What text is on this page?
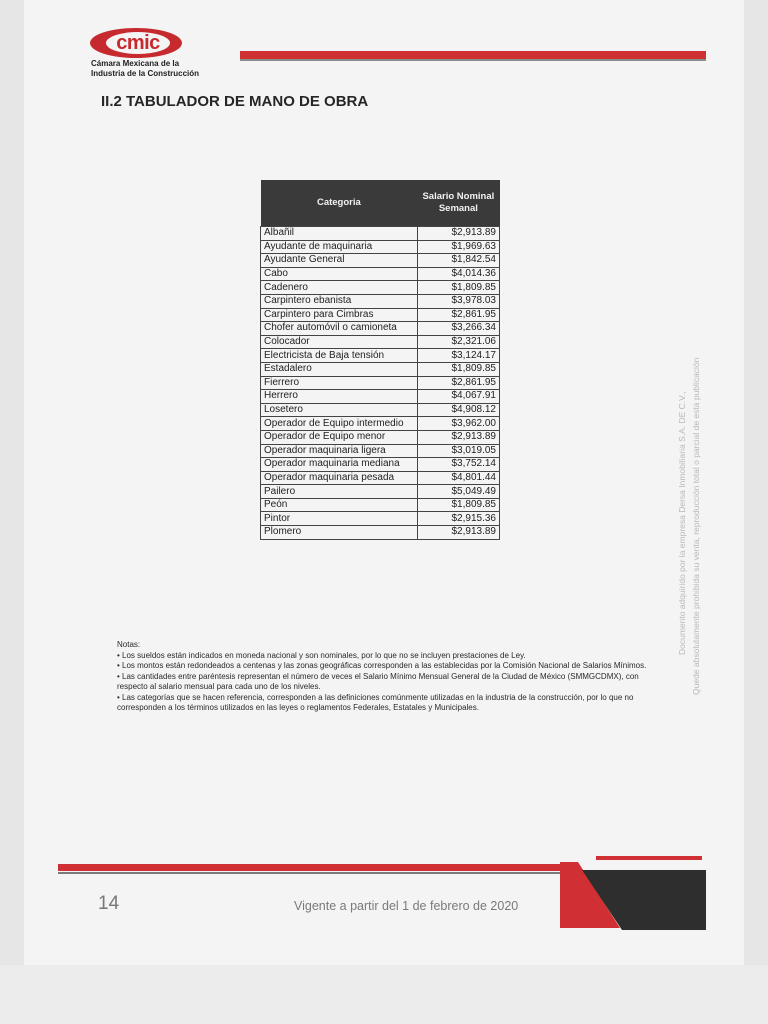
cmic
Cámara Mexicana de la
Industria de la Construcción
II.2 TABULADOR DE MANO DE OBRA
Categoria	Salario Nominal Semanal
Albañil	$2,913.89
Ayudante de maquinaria	$1,969.63
Ayudante General	$1,842.54
Cabo	$4,014.36
Cadenero	$1,809.85
Carpintero ebanista	$3,978.03
Carpintero para Cimbras	$2,861.95
Chofer automóvil o camioneta	$3,266.34
Colocador	$2,321.06
Electricista de Baja tensión	$3,124.17
Estadalero	$1,809.85
Fierrero	$2,861.95
Herrero	$4,067.91
Losetero	$4,908.12
Operador de Equipo intermedio	$3,962.00
Operador de Equipo menor	$2,913.89
Operador maquinaria ligera	$3,019.05
Operador maquinaria mediana	$3,752.14
Operador maquinaria pesada	$4,801.44
Pailero	$5,049.49
Peón	$1,809.85
Pintor	$2,915.36
Plomero	$2,913.89

Notas:

• Los sueldos están indicados en moneda nacional y son nominales, por lo que no se incluyen prestaciones de Ley.

• Los montos están redondeados a centenas y las zonas geográficas corresponden a las establecidas por la Comisión Nacional de Salarios Mínimos.

• Las cantidades entre paréntesis representan el número de veces el Salario Mínimo Mensual General de la Ciudad de México (SMMGCDMX), con respecto al salario mensual para cada uno de los niveles.

• Las categorías que se hacen referencia, corresponden a las definiciones comúnmente utilizadas en la industria de la construcción, por lo que no corresponden a los términos utilizados en las leyes o reglamentos Federales, Estatales y Municipales.

Documento adquirido por la empresa Dersa Inmobiliaria S.A. DE C.V., Quede absolutamente prohibida su venta, reproducción total o parcial de esta publicación
14	Vigente a partir del 1 de febrero de 2020
